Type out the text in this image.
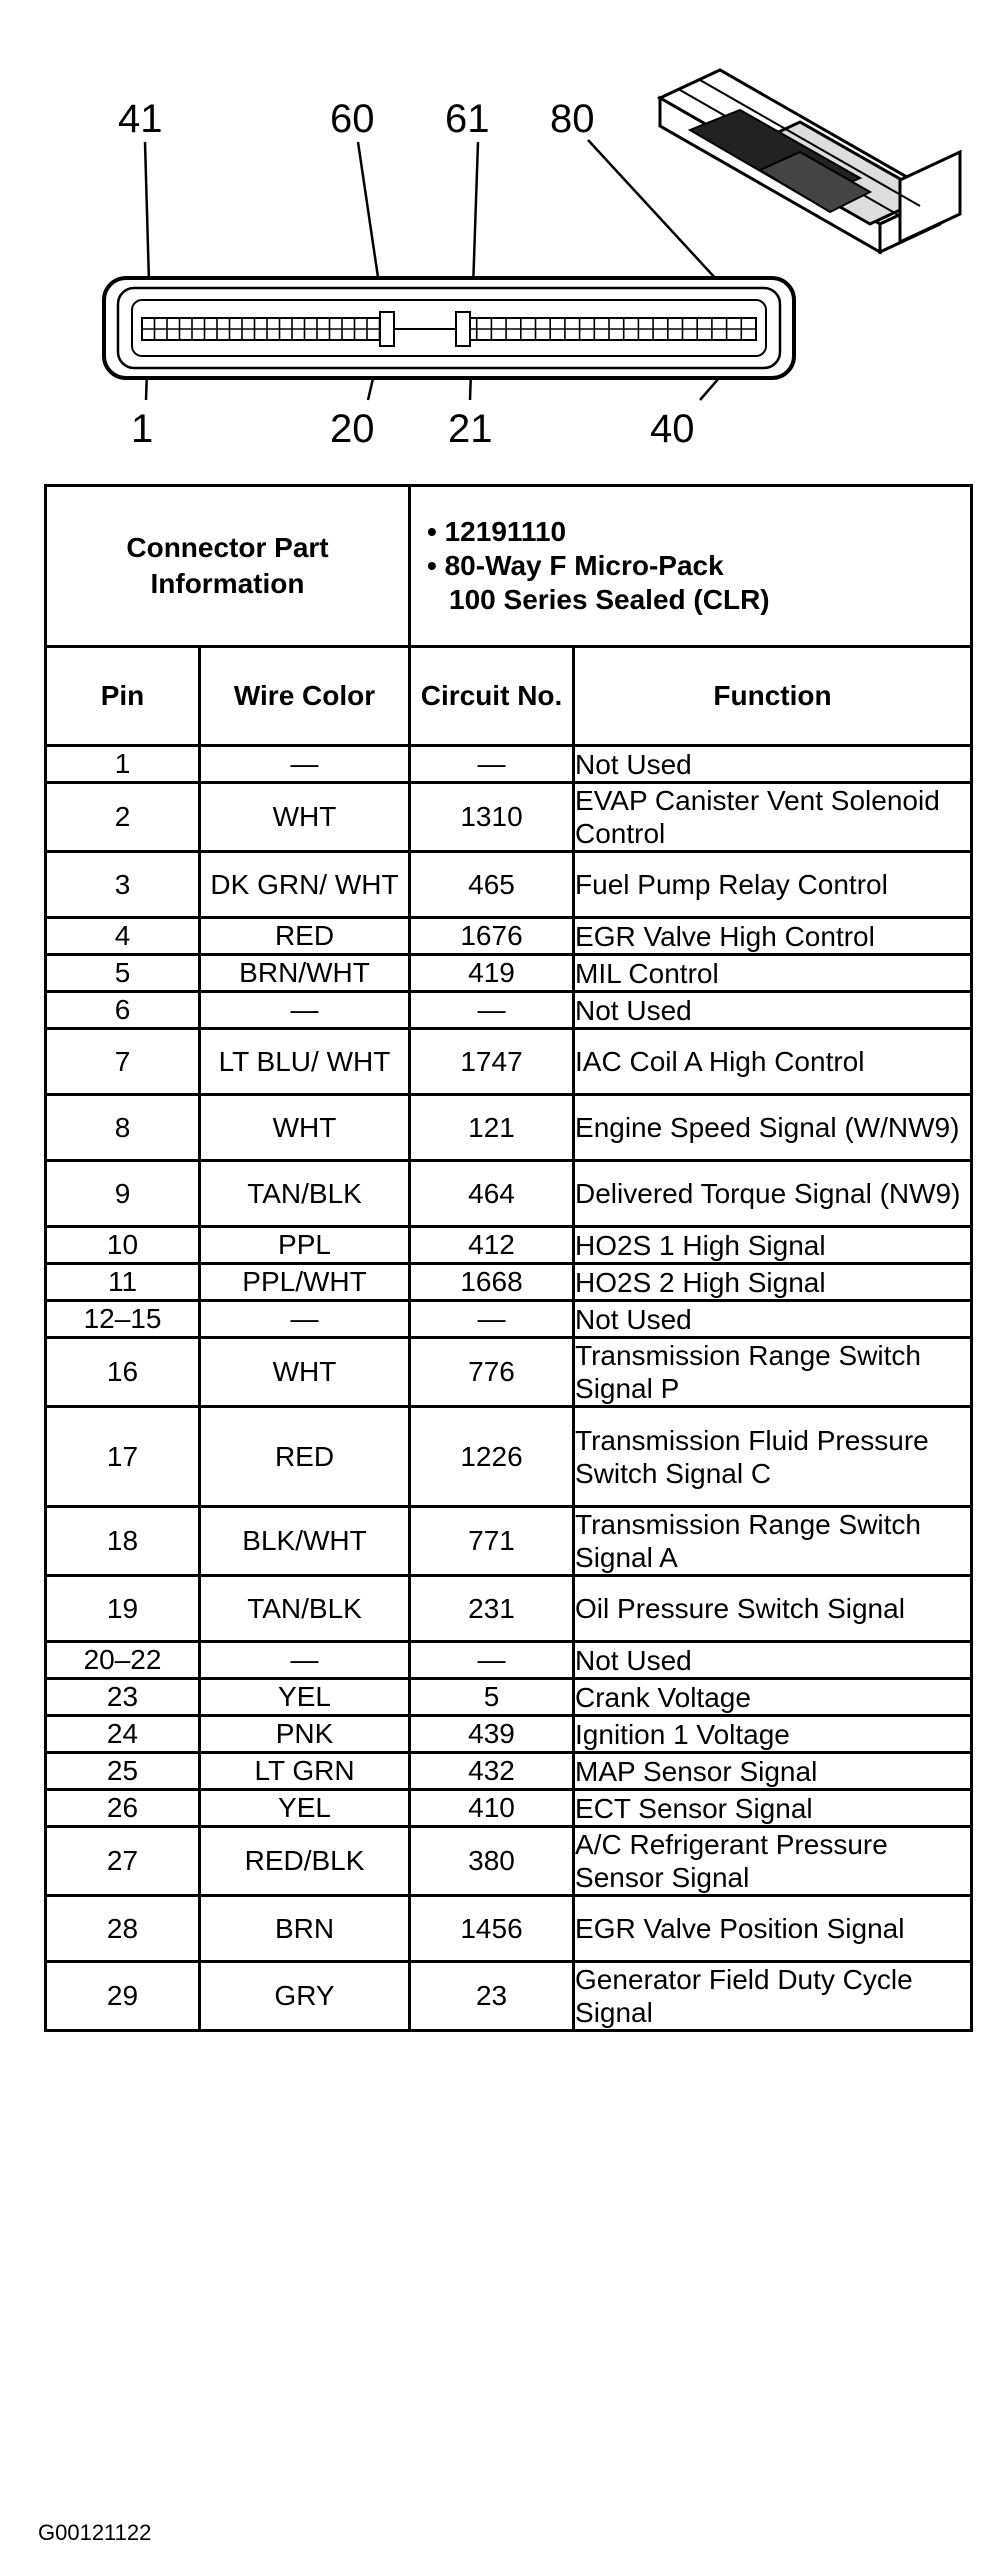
41	60 61 80
1	20 21	40
Connector Part Information		• 12191110
• 80-Way F Micro-Pack
100 Series Sealed (CLR)	

Pin	Wire Color	Circuit No.	Function
1	—	—	Not Used
2	WHT	1310	EVAP Canister Vent Solenoid Control
3	DK GRN/ WHT	465	Fuel Pump Relay Control
4	RED	1676	EGR Valve High Control
5	BRN/WHT	419	MIL Control
6	—	—	Not Used
7	LT BLU/ WHT	1747	IAC Coil A High Control
8	WHT	121	Engine Speed Signal (W/NW9)
9	TAN/BLK	464	Delivered Torque Signal (NW9)
10	PPL	412	HO2S 1 High Signal
11	PPL/WHT	1668	HO2S 2 High Signal
12–15	—	—	Not Used
16	WHT	776	Transmission Range Switch Signal P
17	RED	1226	Transmission Fluid Pressure Switch Signal C
18	BLK/WHT	771	Transmission Range Switch Signal A
19	TAN/BLK	231	Oil Pressure Switch Signal
20–22	—	—	Not Used
23	YEL	5	Crank Voltage
24	PNK	439	Ignition 1 Voltage
25	LT GRN	432	MAP Sensor Signal
26	YEL	410	ECT Sensor Signal
27	RED/BLK	380	A/C Refrigerant Pressure Sensor Signal
28	BRN	1456	EGR Valve Position Signal
29	GRY	23	Generator Field Duty Cycle Signal
G00121122
